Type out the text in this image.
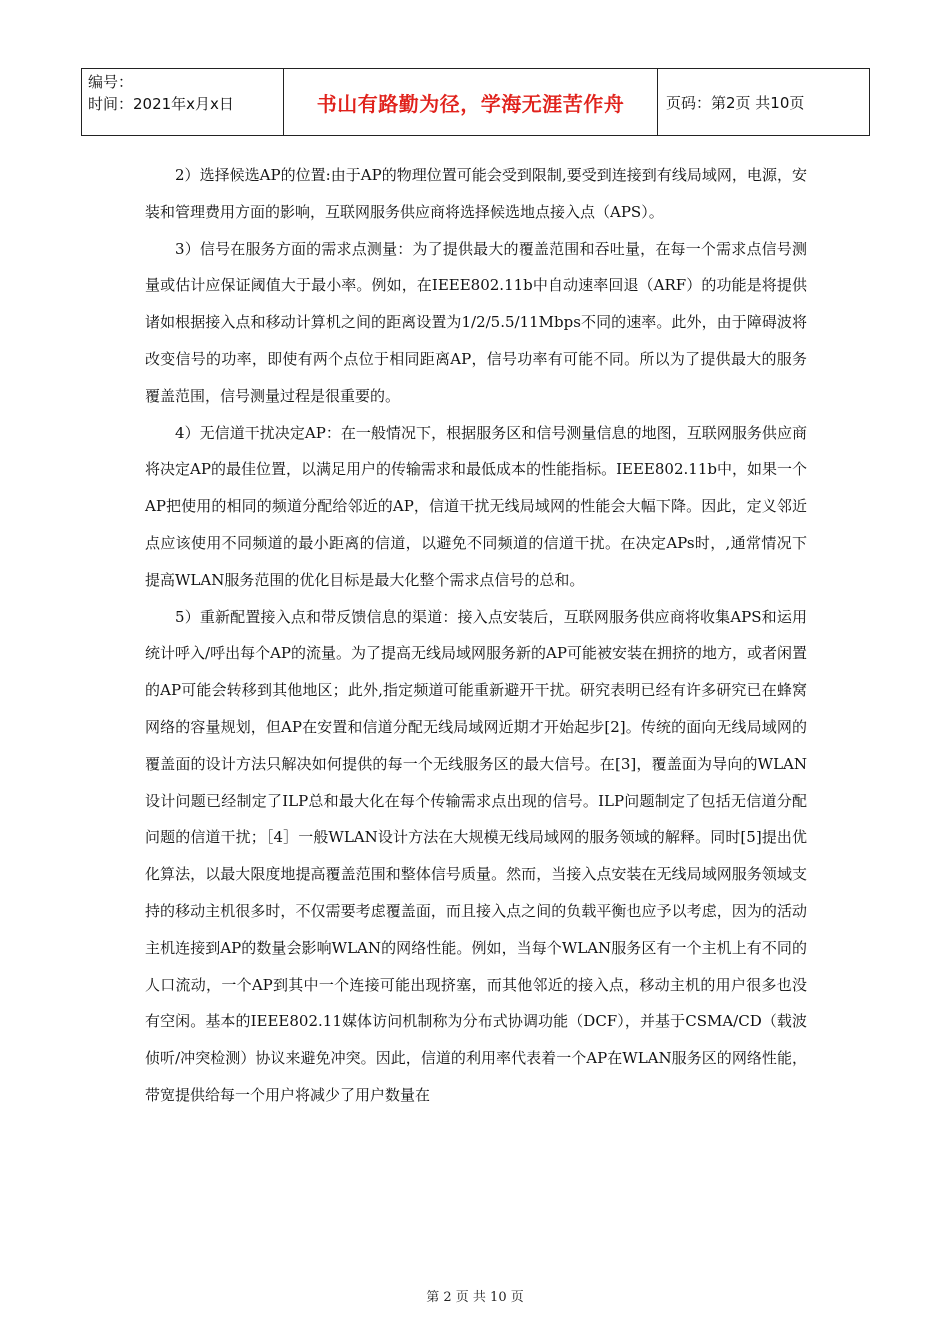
编号：
时间：2021年x月x日	书山有路勤为径，学海无涯苦作舟	页码：第2页 共10页

2）选择候选AP的位置:由于AP的物理位置可能会受到限制,要受到连接到有线局域网，电源，安装和管理费用方面的影响，互联网服务供应商将选择候选地点接入点（APS）。

3）信号在服务方面的需求点测量：为了提供最大的覆盖范围和吞吐量，在每一个需求点信号测量或估计应保证阈值大于最小率。例如，在IEEE802.11b中自动速率回退（ARF）的功能是将提供诸如根据接入点和移动计算机之间的距离设置为1/2/5.5/11Mbps不同的速率。此外，由于障碍波将改变信号的功率，即使有两个点位于相同距离AP，信号功率有可能不同。所以为了提供最大的服务覆盖范围，信号测量过程是很重要的。

4）无信道干扰决定AP：在一般情况下，根据服务区和信号测量信息的地图，互联网服务供应商将决定AP的最佳位置，以满足用户的传输需求和最低成本的性能指标。IEEE802.11b中，如果一个AP把使用的相同的频道分配给邻近的AP，信道干扰无线局域网的性能会大幅下降。因此，定义邻近点应该使用不同频道的最小距离的信道，以避免不同频道的信道干扰。在决定APs时，,通常情况下提高WLAN服务范围的优化目标是最大化整个需求点信号的总和。

5）重新配置接入点和带反馈信息的渠道：接入点安装后，互联网服务供应商将收集APS和运用统计呼入/呼出每个AP的流量。为了提高无线局域网服务新的AP可能被安装在拥挤的地方，或者闲置的AP可能会转移到其他地区；此外,指定频道可能重新避开干扰。研究表明已经有许多研究已在蜂窝网络的容量规划，但AP在安置和信道分配无线局域网近期才开始起步[2]。传统的面向无线局域网的覆盖面的设计方法只解决如何提供的每一个无线服务区的最大信号。在[3]，覆盖面为导向的WLAN设计问题已经制定了ILP总和最大化在每个传输需求点出现的信号。ILP问题制定了包括无信道分配问题的信道干扰；［4］一般WLAN设计方法在大规模无线局域网的服务领域的解释。同时[5]提出优化算法，以最大限度地提高覆盖范围和整体信号质量。然而，当接入点安装在无线局域网服务领域支持的移动主机很多时，不仅需要考虑覆盖面，而且接入点之间的负载平衡也应予以考虑，因为的活动主机连接到AP的数量会影响WLAN的网络性能。例如，当每个WLAN服务区有一个主机上有不同的人口流动，一个AP到其中一个连接可能出现挤塞，而其他邻近的接入点，移动主机的用户很多也没有空闲。基本的IEEE802.11媒体访问机制称为分布式协调功能（DCF），并基于CSMA/CD（载波侦听/冲突检测）协议来避免冲突。因此，信道的利用率代表着一个AP在WLAN服务区的网络性能，带宽提供给每一个用户将减少了用户数量在

第 2 页 共 10 页
